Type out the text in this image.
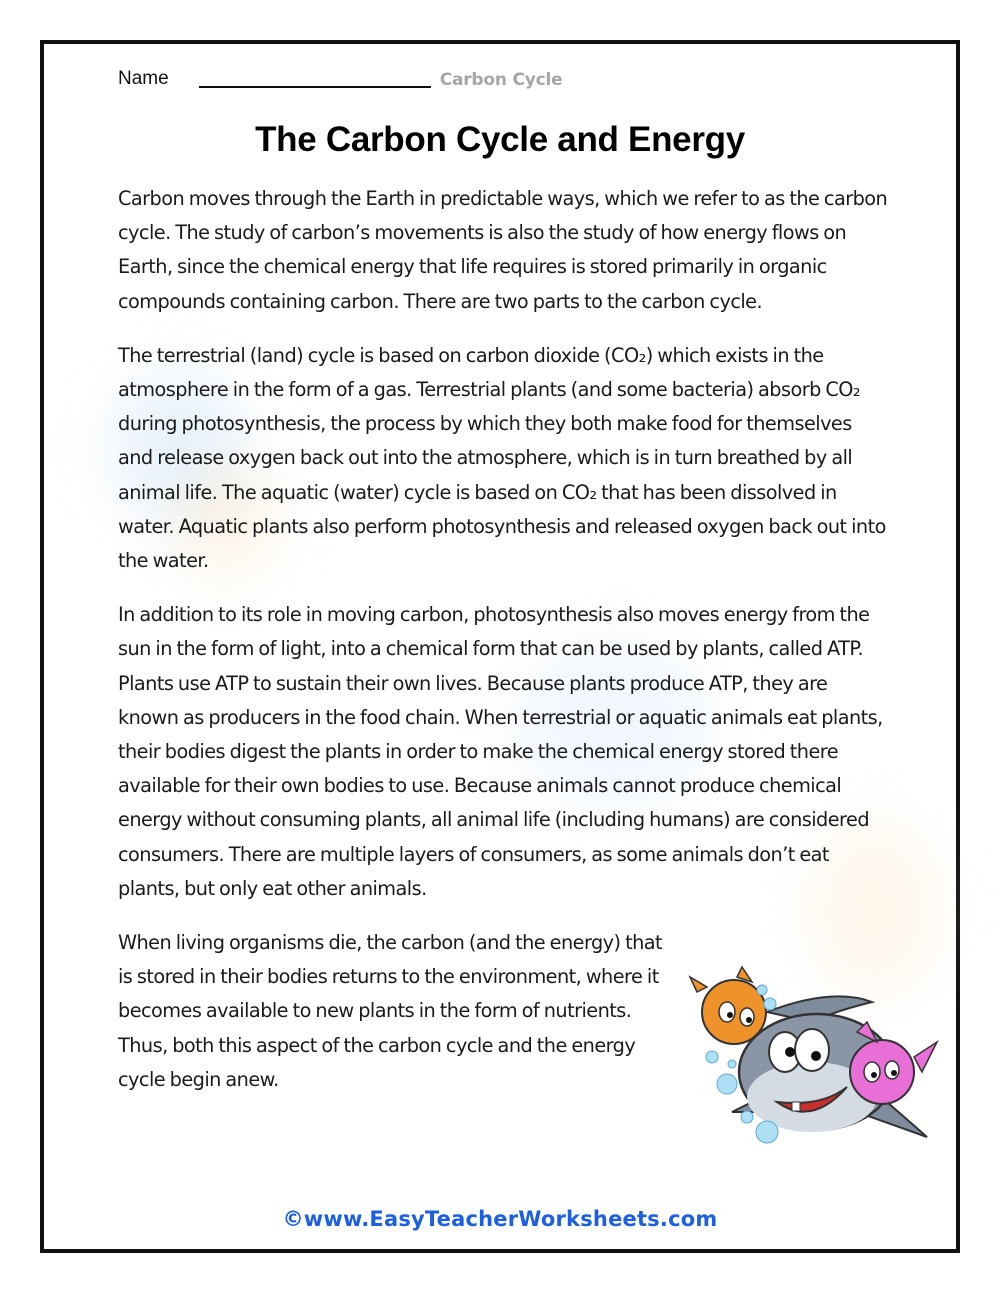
Name	Carbon Cycle
The Carbon Cycle and Energy

Carbon moves through the Earth in predictable ways, which we refer to as the carbon cycle. The study of carbon’s movements is also the study of how energy flows on Earth, since the chemical energy that life requires is stored primarily in organic compounds containing carbon. There are two parts to the carbon cycle.

The terrestrial (land) cycle is based on carbon dioxide (CO₂) which exists in the atmosphere in the form of a gas. Terrestrial plants (and some bacteria) absorb CO₂ during photosynthesis, the process by which they both make food for themselves and release oxygen back out into the atmosphere, which is in turn breathed by all animal life. The aquatic (water) cycle is based on CO₂ that has been dissolved in water. Aquatic plants also perform photosynthesis and released oxygen back out into the water.

In addition to its role in moving carbon, photosynthesis also moves energy from the sun in the form of light, into a chemical form that can be used by plants, called ATP. Plants use ATP to sustain their own lives. Because plants produce ATP, they are known as producers in the food chain. When terrestrial or aquatic animals eat plants, their bodies digest the plants in order to make the chemical energy stored there available for their own bodies to use. Because animals cannot produce chemical energy without consuming plants, all animal life (including humans) are considered consumers. There are multiple layers of consumers, as some animals don’t eat plants, but only eat other animals.

When living organisms die, the carbon (and the energy) that is stored in their bodies returns to the environment, where it becomes available to new plants in the form of nutrients. Thus, both this aspect of the carbon cycle and the energy cycle begin anew.

©www.EasyTeacherWorksheets.com
